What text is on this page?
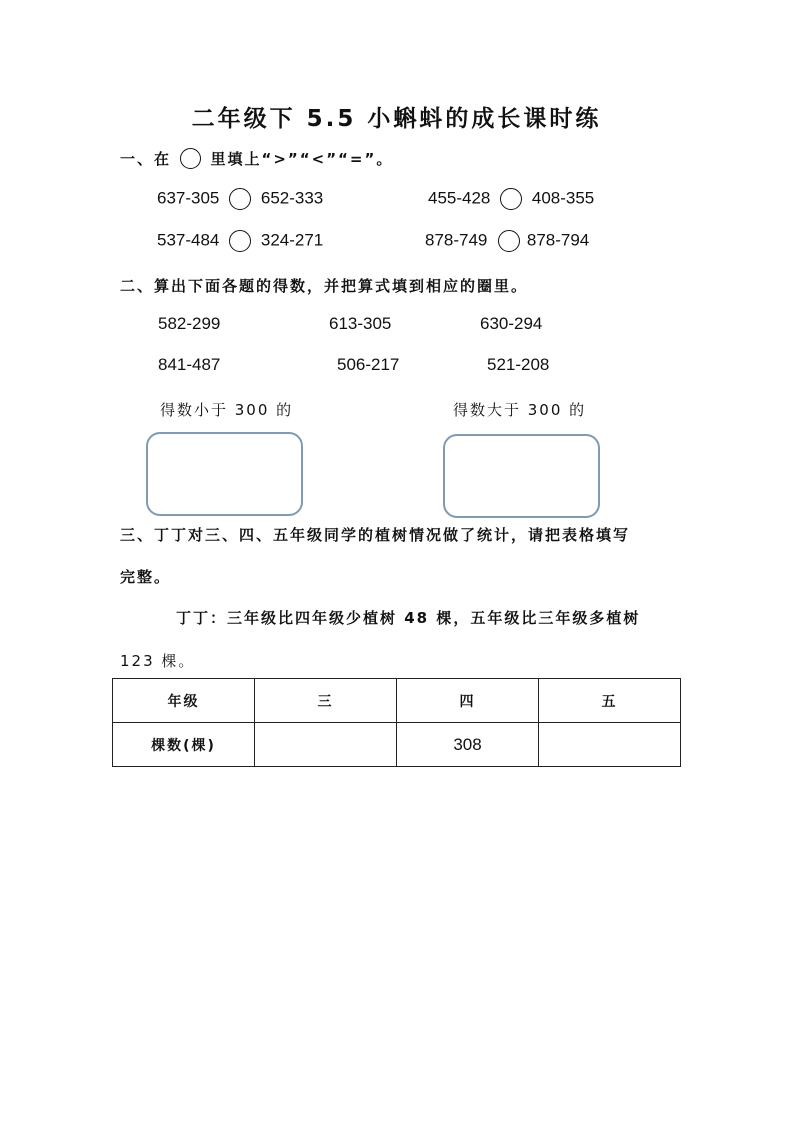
二年级下 5.5 小蝌蚪的成长课时练
一、在	里填上“>”“<”“=”。
637-305 652-333	455-428 408-355
537-484 324-271	878-749 878-794
二、算出下面各题的得数，并把算式填到相应的圈里。
582-299	613-305	630-294
841-487	506-217	521-208
得数小于 300 的	得数大于 300 的
三、丁丁对三、四、五年级同学的植树情况做了统计，请把表格填写
完整。
丁丁：三年级比四年级少植树 48 棵，五年级比三年级多植树
123 棵。
年级	三	四	五
棵数(棵)		308	
